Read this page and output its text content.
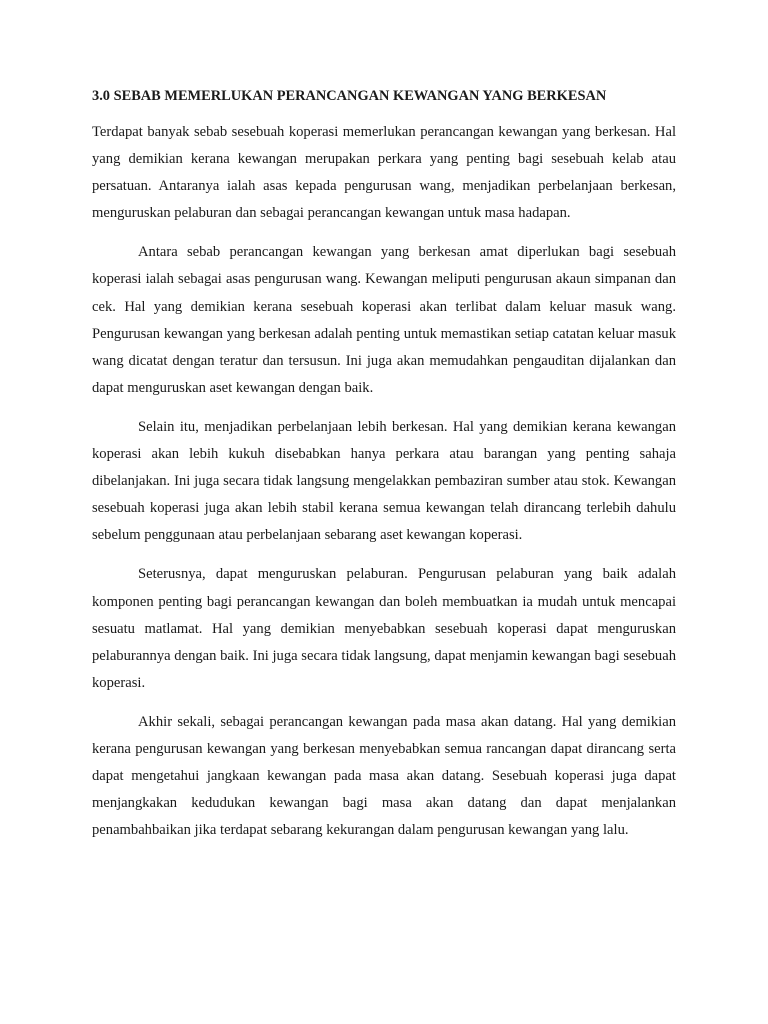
3.0 SEBAB MEMERLUKAN PERANCANGAN KEWANGAN YANG BERKESAN

Terdapat banyak sebab sesebuah koperasi memerlukan perancangan kewangan yang berkesan. Hal yang demikian kerana kewangan merupakan perkara yang penting bagi sesebuah kelab atau persatuan. Antaranya ialah asas kepada pengurusan wang, menjadikan perbelanjaan berkesan, menguruskan pelaburan dan sebagai perancangan kewangan untuk masa hadapan.

Antara sebab perancangan kewangan yang berkesan amat diperlukan bagi sesebuah koperasi ialah sebagai asas pengurusan wang. Kewangan meliputi pengurusan akaun simpanan dan cek. Hal yang demikian kerana sesebuah koperasi akan terlibat dalam keluar masuk wang. Pengurusan kewangan yang berkesan adalah penting untuk memastikan setiap catatan keluar masuk wang dicatat dengan teratur dan tersusun. Ini juga akan memudahkan pengauditan dijalankan dan dapat menguruskan aset kewangan dengan baik.

Selain itu, menjadikan perbelanjaan lebih berkesan. Hal yang demikian kerana kewangan koperasi akan lebih kukuh disebabkan hanya perkara atau barangan yang penting sahaja dibelanjakan. Ini juga secara tidak langsung mengelakkan pembaziran sumber atau stok. Kewangan sesebuah koperasi juga akan lebih stabil kerana semua kewangan telah dirancang terlebih dahulu sebelum penggunaan atau perbelanjaan sebarang aset kewangan koperasi.

Seterusnya, dapat menguruskan pelaburan. Pengurusan pelaburan yang baik adalah komponen penting bagi perancangan kewangan dan boleh membuatkan ia mudah untuk mencapai sesuatu matlamat. Hal yang demikian menyebabkan sesebuah koperasi dapat menguruskan pelaburannya dengan baik. Ini juga secara tidak langsung, dapat menjamin kewangan bagi sesebuah koperasi.

Akhir sekali, sebagai perancangan kewangan pada masa akan datang. Hal yang demikian kerana pengurusan kewangan yang berkesan menyebabkan semua rancangan dapat dirancang serta dapat mengetahui jangkaan kewangan pada masa akan datang. Sesebuah koperasi juga dapat menjangkakan kedudukan kewangan bagi masa akan datang dan dapat menjalankan penambahbaikan jika terdapat sebarang kekurangan dalam pengurusan kewangan yang lalu.
